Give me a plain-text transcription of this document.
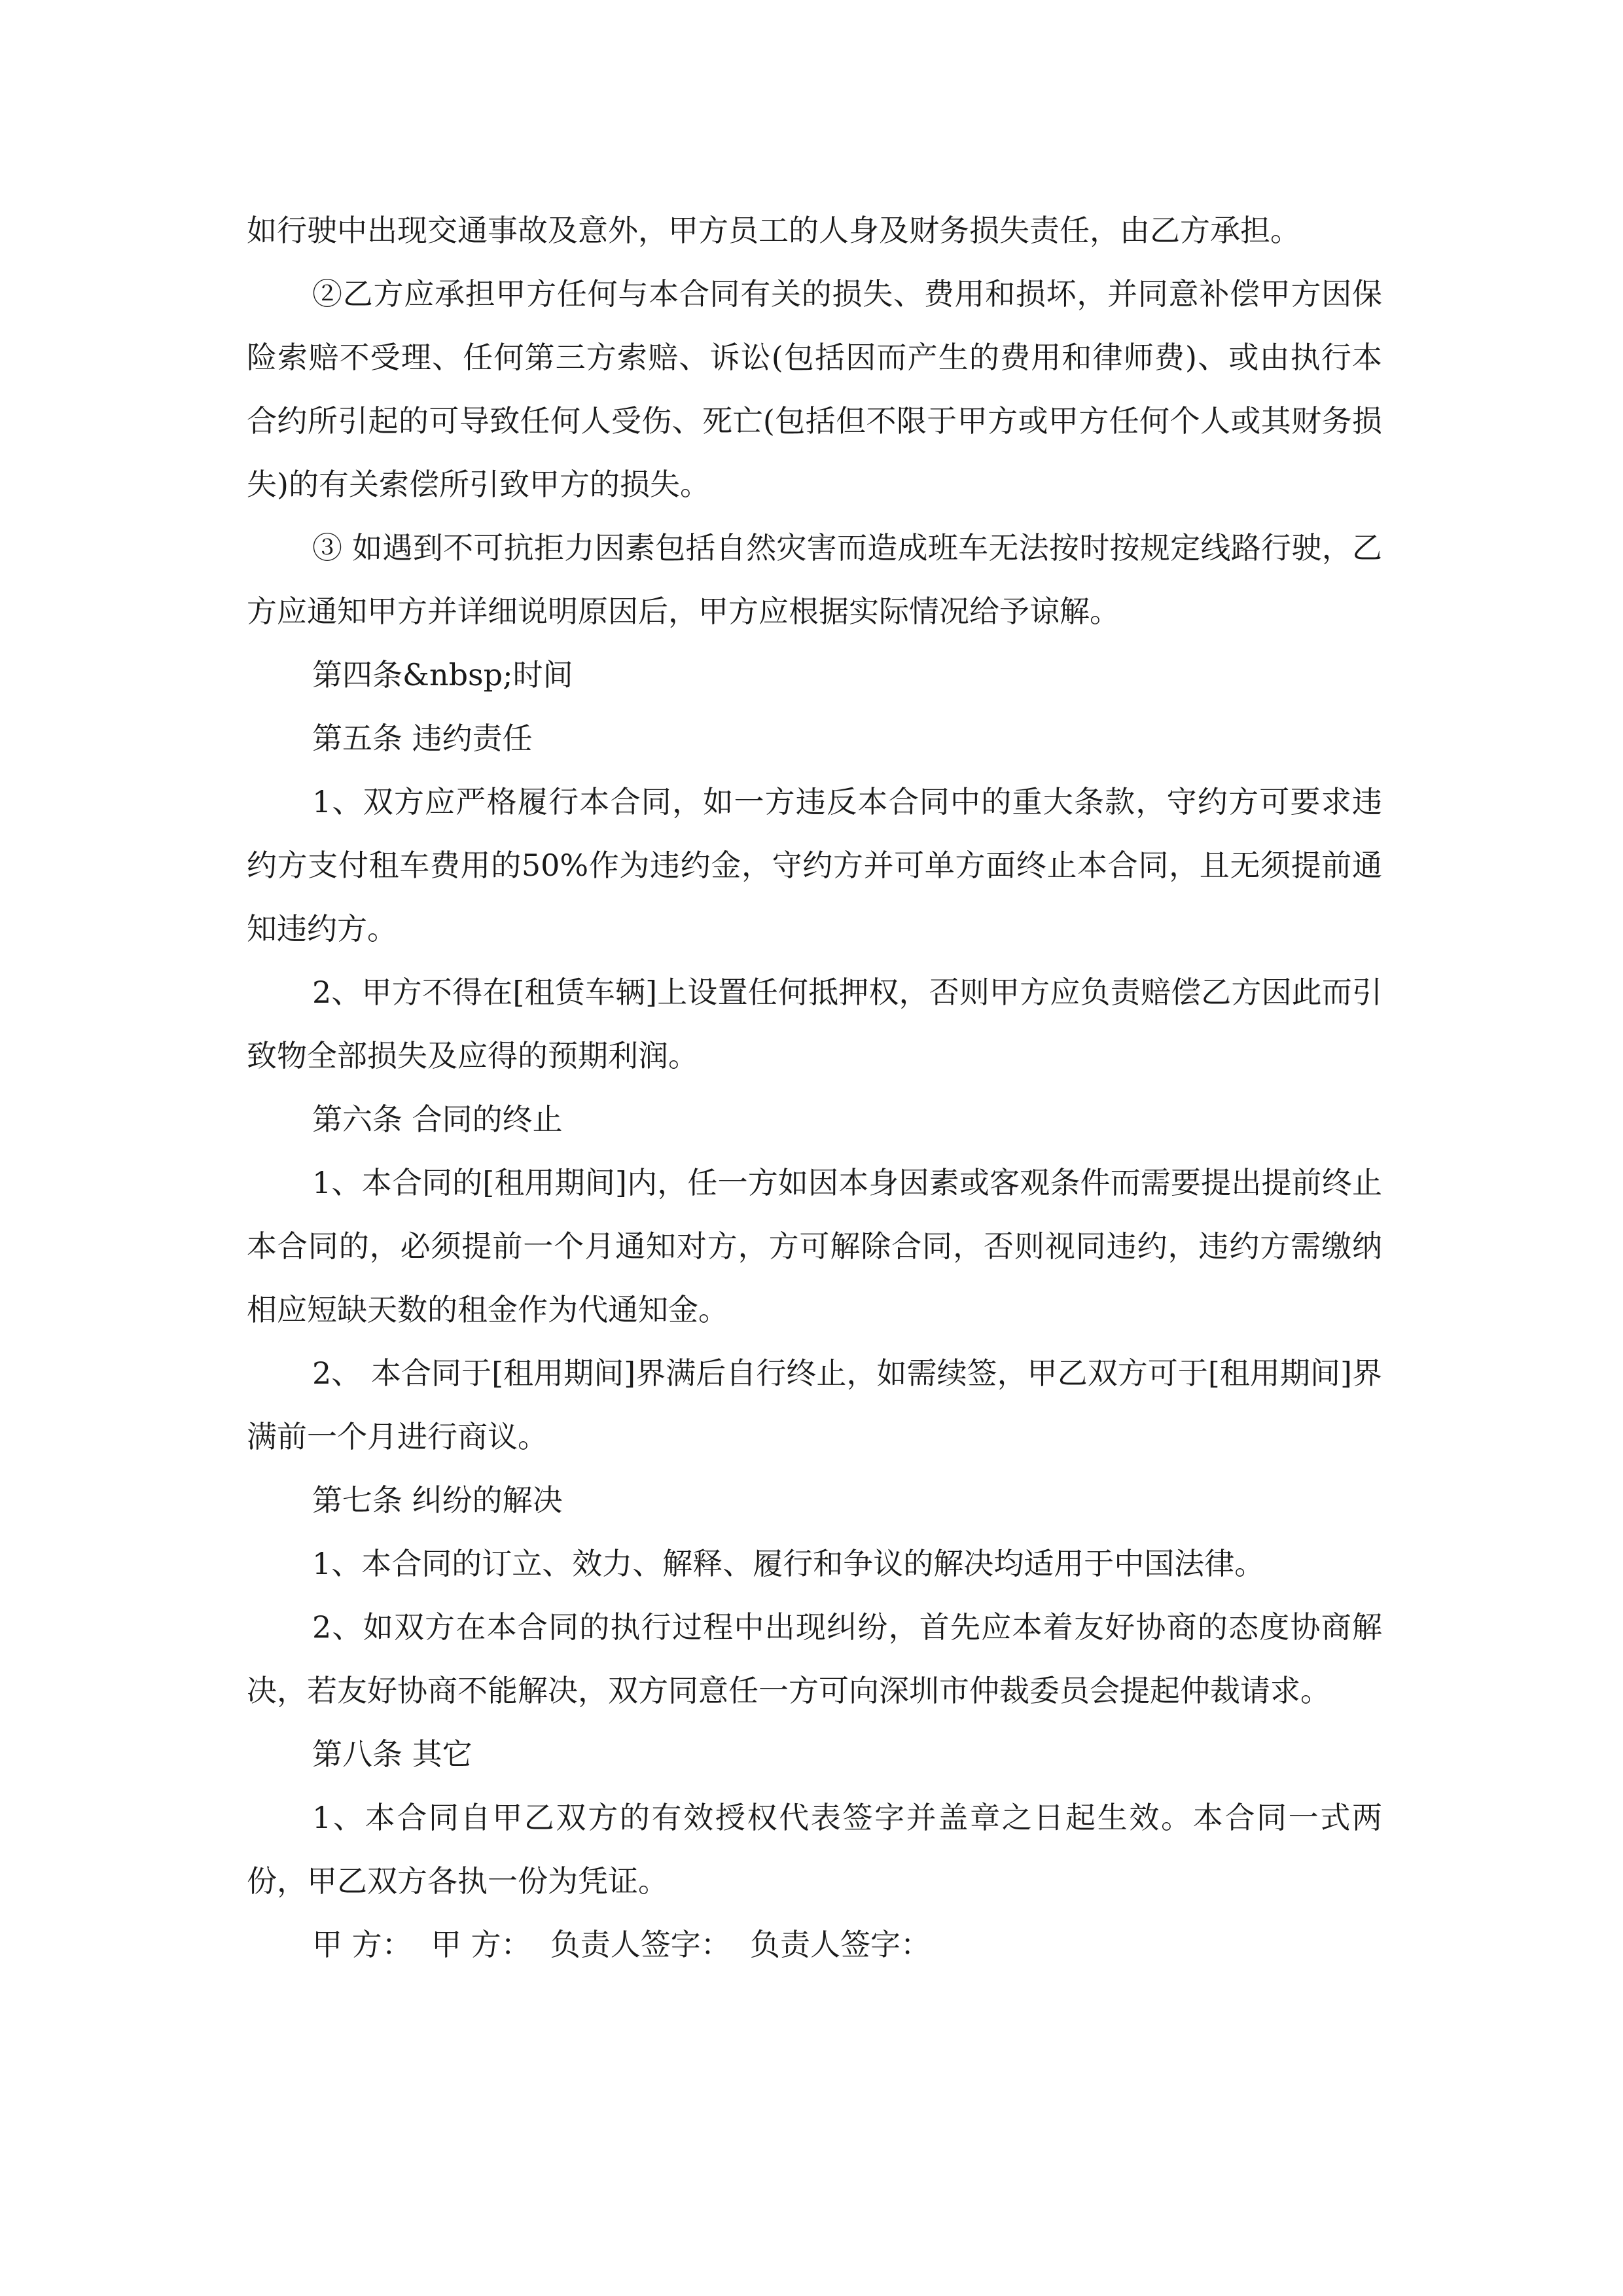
如行驶中出现交通事故及意外，甲方员工的人身及财务损失责任，由乙方承担。

②乙方应承担甲方任何与本合同有关的损失、费用和损坏，并同意补偿甲方因保险索赔不受理、任何第三方索赔、诉讼(包括因而产生的费用和律师费)、或由执行本合约所引起的可导致任何人受伤、死亡(包括但不限于甲方或甲方任何个人或其财务损失)的有关索偿所引致甲方的损失。

③ 如遇到不可抗拒力因素包括自然灾害而造成班车无法按时按规定线路行驶，乙方应通知甲方并详细说明原因后，甲方应根据实际情况给予谅解。

第四条&nbsp;时间

第五条 违约责任

1、双方应严格履行本合同，如一方违反本合同中的重大条款，守约方可要求违约方支付租车费用的50%作为违约金，守约方并可单方面终止本合同，且无须提前通知违约方。

2、甲方不得在[租赁车辆]上设置任何抵押权，否则甲方应负责赔偿乙方因此而引致物全部损失及应得的预期利润。

第六条 合同的终止

1、本合同的[租用期间]内，任一方如因本身因素或客观条件而需要提出提前终止本合同的，必须提前一个月通知对方，方可解除合同，否则视同违约，违约方需缴纳相应短缺天数的租金作为代通知金。

2、 本合同于[租用期间]界满后自行终止，如需续签，甲乙双方可于[租用期间]界满前一个月进行商议。

第七条 纠纷的解决

1、本合同的订立、效力、解释、履行和争议的解决均适用于中国法律。

2、如双方在本合同的执行过程中出现纠纷，首先应本着友好协商的态度协商解决，若友好协商不能解决，双方同意任一方可向深圳市仲裁委员会提起仲裁请求。

第八条 其它

1、本合同自甲乙双方的有效授权代表签字并盖章之日起生效。本合同一式两份，甲乙双方各执一份为凭证。

甲 方：  甲 方：  负责人签字：  负责人签字：
